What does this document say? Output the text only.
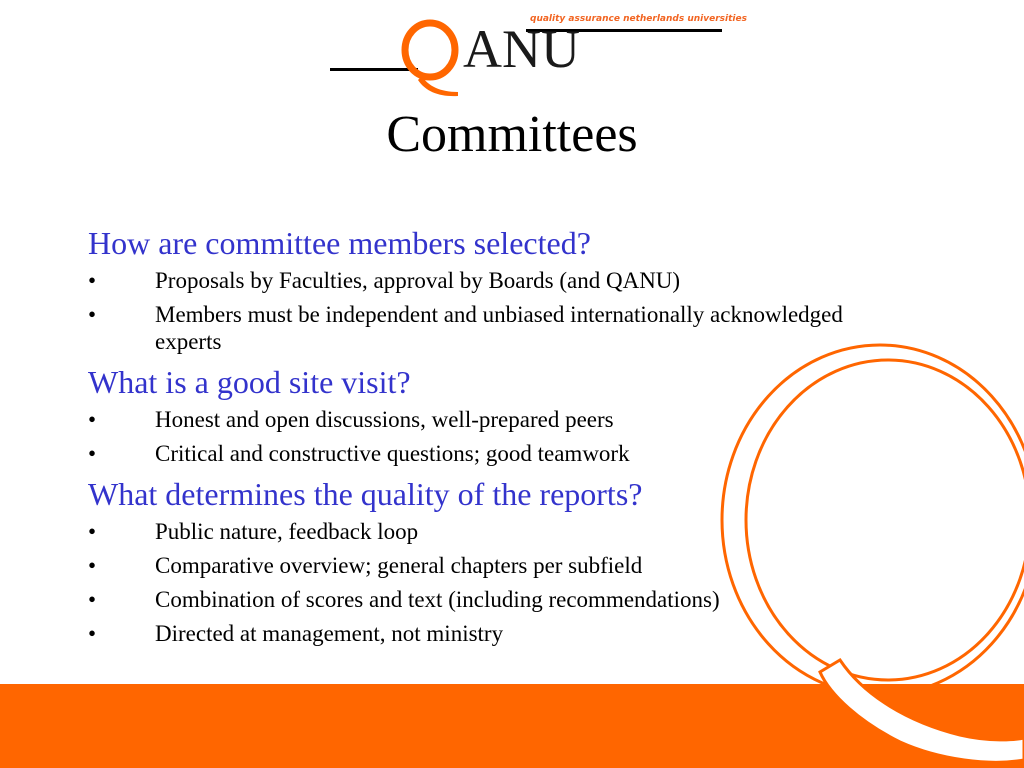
ANU
quality assurance netherlands universities
Committees
How are committee members selected?
•	Proposals by Faculties, approval by Boards (and QANU)
•	Members must be independent and unbiased internationally acknowledged experts
What is a good site visit?
•	Honest and open discussions, well-prepared peers
•	Critical and constructive questions; good teamwork
What determines the quality of the reports?
•	Public nature, feedback loop
•	Comparative overview; general chapters per subfield
•	Combination of scores and text (including recommendations)
•	Directed at management, not ministry
